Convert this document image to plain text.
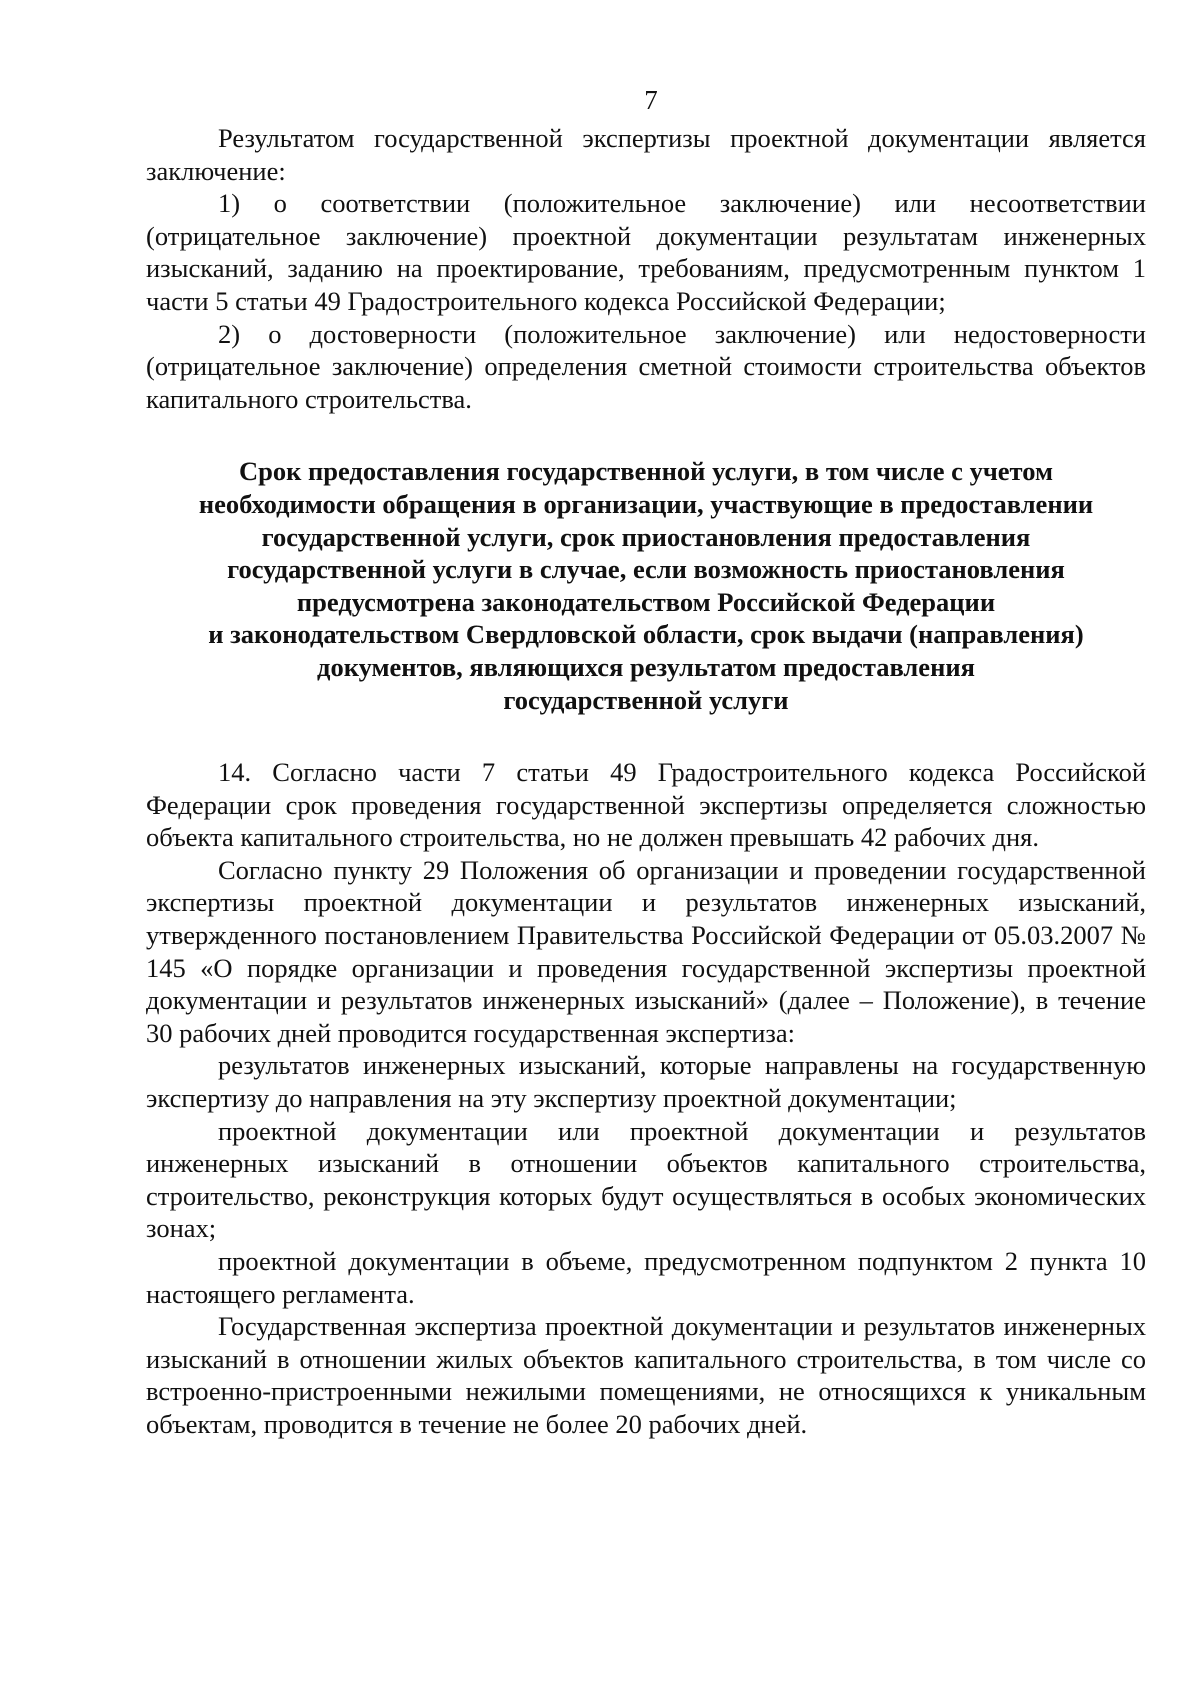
7

Результатом государственной экспертизы проектной документации является заключение:

1) о соответствии (положительное заключение) или несоответствии (отрицательное заключение) проектной документации результатам инженерных изысканий, заданию на проектирование, требованиям, предусмотренным пунктом 1 части 5 статьи 49 Градостроительного кодекса Российской Федерации;

2) о достоверности (положительное заключение) или недостоверности (отрицательное заключение) определения сметной стоимости строительства объектов капитального строительства.

Срок предоставления государственной услуги, в том числе с учетом
необходимости обращения в организации, участвующие в предоставлении
государственной услуги, срок приостановления предоставления
государственной услуги в случае, если возможность приостановления
предусмотрена законодательством Российской Федерации
и законодательством Свердловской области, срок выдачи (направления)
документов, являющихся результатом предоставления
государственной услуги

14. Согласно части 7 статьи 49 Градостроительного кодекса Российской Федерации срок проведения государственной экспертизы определяется сложностью объекта капитального строительства, но не должен превышать 42 рабочих дня.

Согласно пункту 29 Положения об организации и проведении государственной экспертизы проектной документации и результатов инженерных изысканий, утвержденного постановлением Правительства Российской Федерации от 05.03.2007 № 145 «О порядке организации и проведения государственной экспертизы проектной документации и результатов инженерных изысканий» (далее – Положение), в течение 30 рабочих дней проводится государственная экспертиза:

результатов инженерных изысканий, которые направлены на государственную экспертизу до направления на эту экспертизу проектной документации;

проектной документации или проектной документации и результатов инженерных изысканий в отношении объектов капитального строительства, строительство, реконструкция которых будут осуществляться в особых экономических зонах;

проектной документации в объеме, предусмотренном подпунктом 2 пункта 10 настоящего регламента.

Государственная экспертиза проектной документации и результатов инженерных изысканий в отношении жилых объектов капитального строительства, в том числе со встроенно-пристроенными нежилыми помещениями, не относящихся к уникальным объектам, проводится в течение не более 20 рабочих дней.
